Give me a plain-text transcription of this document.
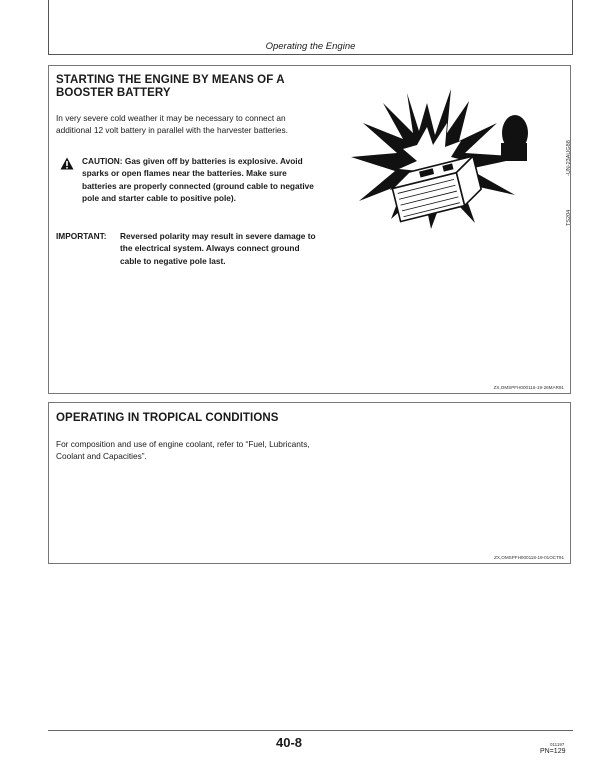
Operating the Engine
STARTING THE ENGINE BY MEANS OF A BOOSTER BATTERY
In very severe cold weather it may be necessary to connect an additional 12 volt battery in parallel with the harvester batteries.
CAUTION: Gas given off by batteries is explosive. Avoid sparks or open flames near the batteries. Make sure batteries are properly connected (ground cable to negative pole and starter cable to positive pole).
IMPORTANT: Reversed polarity may result in severe damage to the electrical system. Always connect ground cable to negative pole last.
-UN-23AUG88
TS204
ZX,OMSPFH000116-19-26MAR91
OPERATING IN TROPICAL CONDITIONS
For composition and use of engine coolant, refer to “Fuel, Lubricants, Coolant and Capacities”.
ZX,OMSPFH000118-19-01OCT91
40-8	011197
PN=129
